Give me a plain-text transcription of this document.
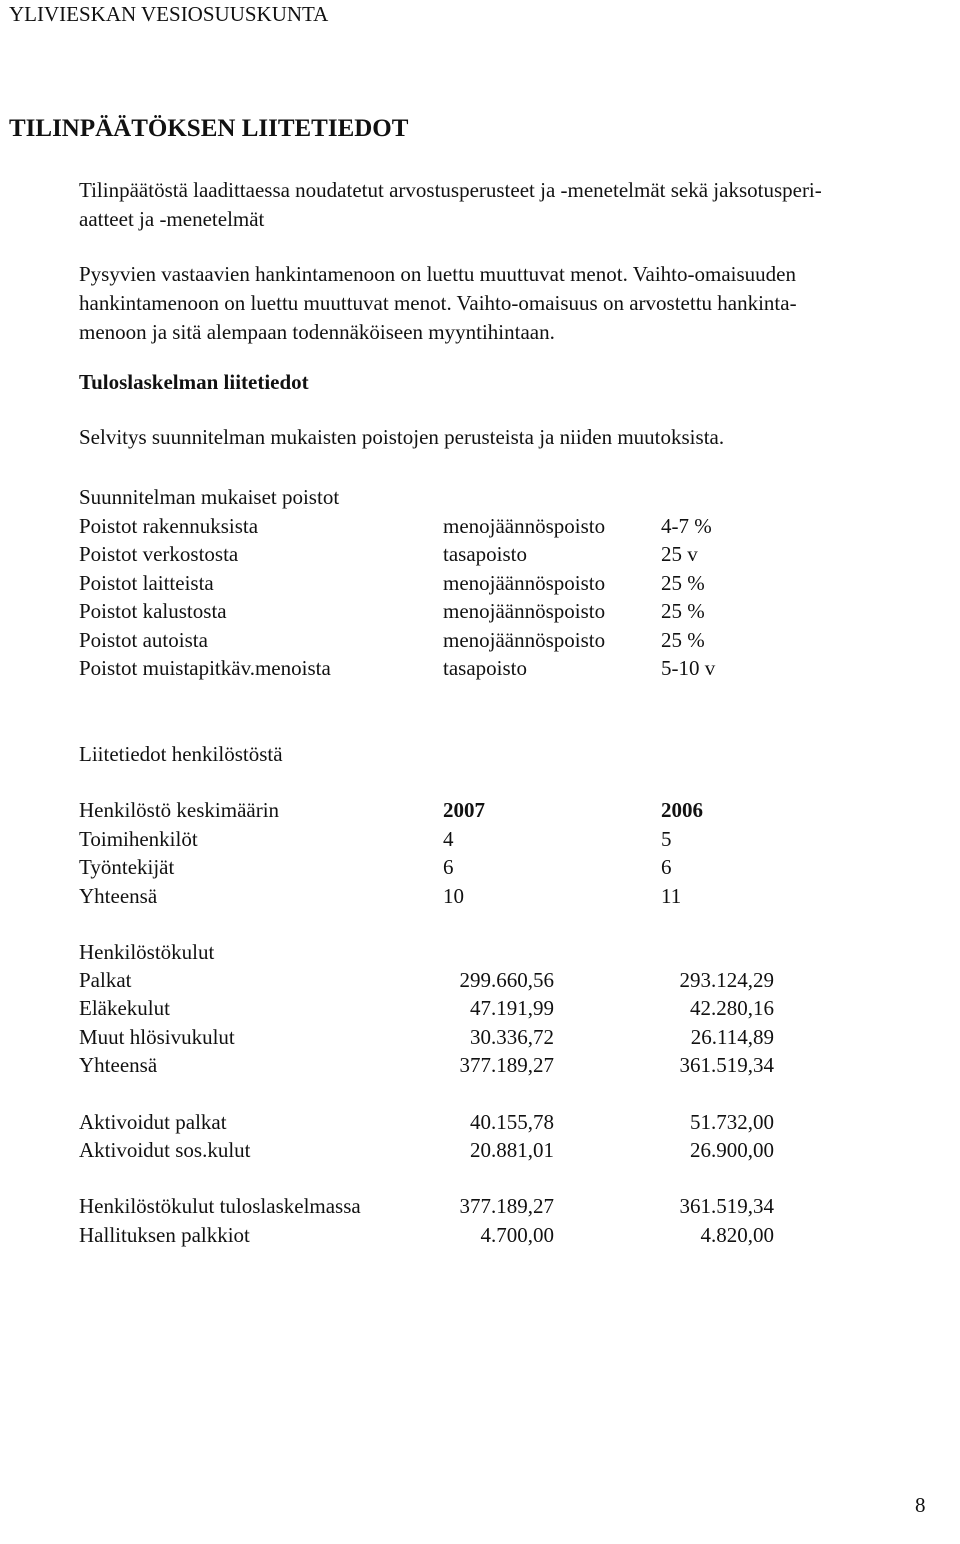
YLIVIESKAN VESIOSUUSKUNTA
TILINPÄÄTÖKSEN LIITETIEDOT
Tilinpäätöstä laadittaessa noudatetut arvostusperusteet ja -menetelmät sekä jaksotusperi-
aatteet ja -menetelmät
Pysyvien vastaavien hankintamenoon on luettu muuttuvat menot. Vaihto-omaisuuden
hankintamenoon on luettu muuttuvat menot. Vaihto-omaisuus on arvostettu hankinta-
menoon ja sitä alempaan todennäköiseen myyntihintaan.
Tuloslaskelman liitetiedot
Selvitys suunnitelman mukaisten poistojen perusteista ja niiden muutoksista.
Suunnitelman mukaiset poistot
Poistot rakennuksista	menojäännöspoisto	4-7 %
Poistot verkostosta	tasapoisto	25 v
Poistot laitteista	menojäännöspoisto	25 %
Poistot kalustosta	menojäännöspoisto	25 %
Poistot autoista	menojäännöspoisto	25 %
Poistot muistapitkäv.menoista	tasapoisto	5-10 v
Liitetiedot henkilöstöstä
Henkilöstö keskimäärin	2007	2006
Toimihenkilöt	4	5
Työntekijät	6	6
Yhteensä	10	11
Henkilöstökulut
Palkat	299.660,56	293.124,29
Eläkekulut	47.191,99	42.280,16
Muut hlösivukulut	30.336,72	26.114,89
Yhteensä	377.189,27	361.519,34
Aktivoidut palkat	40.155,78	51.732,00
Aktivoidut sos.kulut	20.881,01	26.900,00
Henkilöstökulut tuloslaskelmassa	377.189,27	361.519,34
Hallituksen palkkiot	4.700,00	4.820,00
8
